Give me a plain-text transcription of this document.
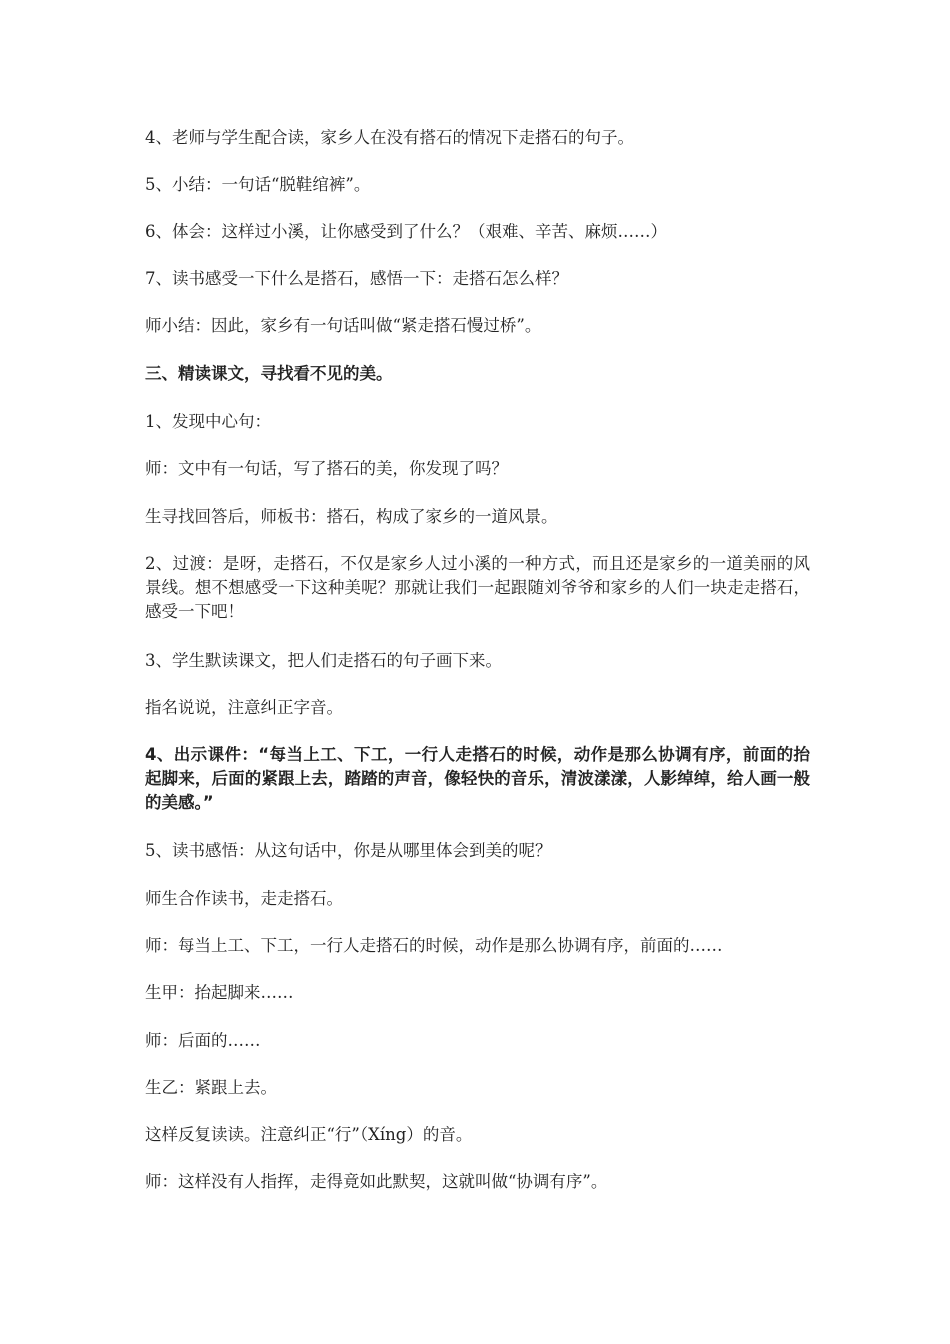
4、老师与学生配合读，家乡人在没有搭石的情况下走搭石的句子。

5、小结：一句话“脱鞋绾裤”。

6、体会：这样过小溪，让你感受到了什么？（艰难、辛苦、麻烦……）

7、读书感受一下什么是搭石，感悟一下：走搭石怎么样？

师小结：因此，家乡有一句话叫做“紧走搭石慢过桥”。

三、精读课文，寻找看不见的美。

1、发现中心句：

师：文中有一句话，写了搭石的美，你发现了吗？

生寻找回答后，师板书：搭石，构成了家乡的一道风景。

2、过渡：是呀，走搭石，不仅是家乡人过小溪的一种方式，而且还是家乡的一道美丽的风景线。想不想感受一下这种美呢？那就让我们一起跟随刘爷爷和家乡的人们一块走走搭石，感受一下吧！

3、学生默读课文，把人们走搭石的句子画下来。

指名说说，注意纠正字音。

4、出示课件：“每当上工、下工，一行人走搭石的时候，动作是那么协调有序，前面的抬起脚来，后面的紧跟上去，踏踏的声音，像轻快的音乐，清波漾漾，人影绰绰，给人画一般的美感。”

5、读书感悟：从这句话中，你是从哪里体会到美的呢？

师生合作读书，走走搭石。

师：每当上工、下工，一行人走搭石的时候，动作是那么协调有序，前面的……

生甲：抬起脚来……

师：后面的……

生乙：紧跟上去。

这样反复读读。注意纠正“行”（Xíng）的音。

师：这样没有人指挥，走得竟如此默契，这就叫做“协调有序”。
